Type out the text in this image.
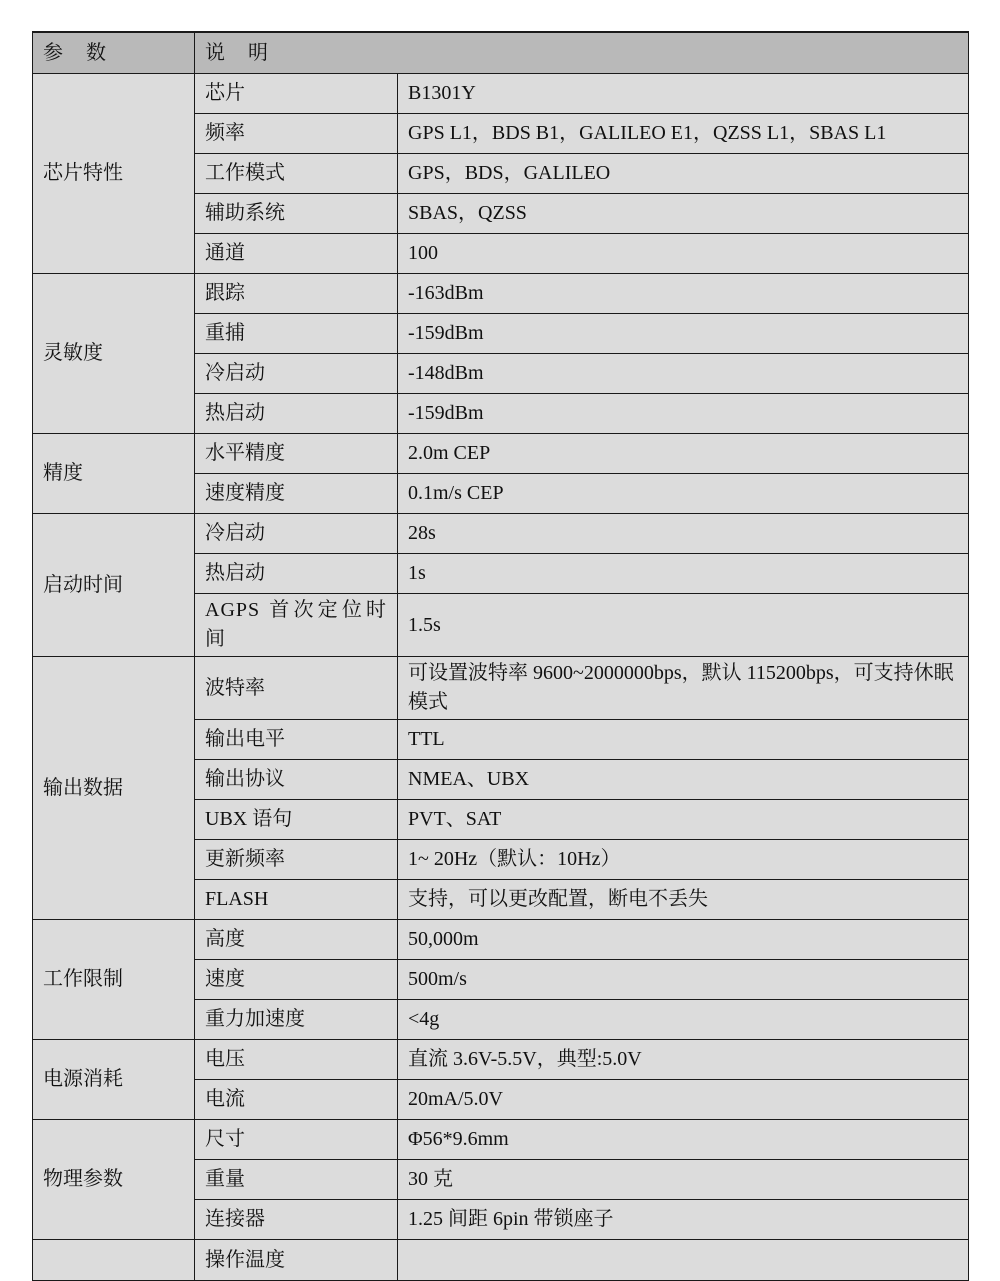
参 数	说 明	
芯片特性	芯片	B1301Y
	频率	GPS L1，BDS B1，GALILEO E1，QZSS L1，SBAS L1
	工作模式	GPS，BDS，GALILEO
	辅助系统	SBAS，QZSS
	通道	100
灵敏度	跟踪	-163dBm
	重捕	-159dBm
	冷启动	-148dBm
	热启动	-159dBm
精度	水平精度	2.0m CEP
	速度精度	0.1m/s CEP
启动时间	冷启动	28s
	热启动	1s
	AGPS 首次定位时间	1.5s
输出数据	波特率	可设置波特率 9600~2000000bps，默认 115200bps，可支持休眠模式
	输出电平	TTL
	输出协议	NMEA、UBX
	UBX 语句	PVT、SAT
	更新频率	1~ 20Hz（默认：10Hz）
	FLASH	支持，可以更改配置，断电不丢失
工作限制	高度	50,000m
	速度	500m/s
	重力加速度	<4g
电源消耗	电压	直流 3.6V-5.5V，典型:5.0V
	电流	20mA/5.0V
物理参数	尺寸	Φ56*9.6mm
	重量	30 克
	连接器	1.25 间距 6pin 带锁座子
	操作温度	
